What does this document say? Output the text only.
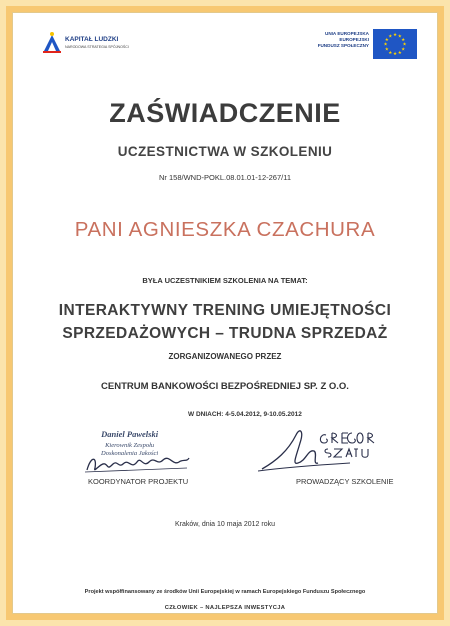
KAPITAŁ LUDZKI
NARODOWA STRATEGIA SPÓJNOŚCI
UNIA EUROPEJSKA
EUROPEJSKI
FUNDUSZ SPOŁECZNY
★ ★
★
★
★
★
★
★
★
★
★
★
ZAŚWIADCZENIE
UCZESTNICTWA W SZKOLENIU
Nr 158/WND-POKL.08.01.01-12-267/11
PANI AGNIESZKA CZACHURA
BYŁA UCZESTNIKIEM SZKOLENIA NA TEMAT:
INTERAKTYWNY TRENING UMIEJĘTNOŚCI
SPRZEDAŻOWYCH – TRUDNA SPRZEDAŻ
ZORGANIZOWANEGO PRZEZ
CENTRUM BANKOWOŚCI BEZPOŚREDNIEJ SP. Z O.O.
W DNIACH: 4-5.04.2012, 9-10.05.2012
Daniel Pawelski
Kierownik Zespołu
Doskonalenia Jakości
KOORDYNATOR PROJEKTU	PROWADZĄCY SZKOLENIE
Kraków, dnia 10 maja 2012 roku
Projekt współfinansowany ze środków Unii Europejskiej w ramach Europejskiego Funduszu Społecznego
CZŁOWIEK – NAJLEPSZA INWESTYCJA
